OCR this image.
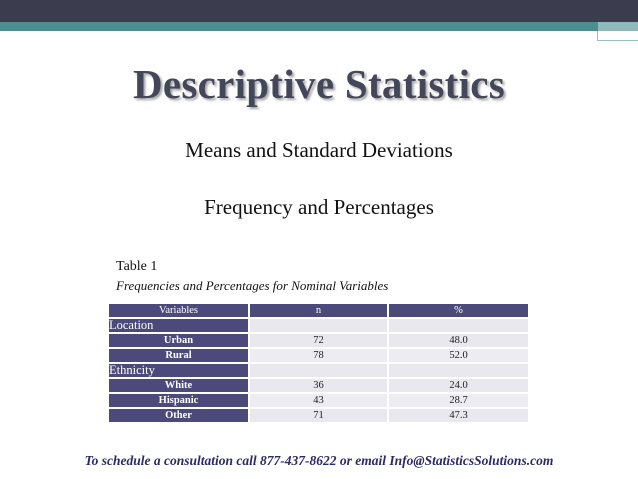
Descriptive Statistics
Means and Standard Deviations
Frequency and Percentages
Table 1
Frequencies and Percentages for Nominal Variables
Variables	n	%
Location		
Urban	72	48.0
Rural	78	52.0
Ethnicity		
White	36	24.0
Hispanic	43	28.7
Other	71	47.3
To schedule a consultation call 877-437-8622 or email Info@StatisticsSolutions.com
